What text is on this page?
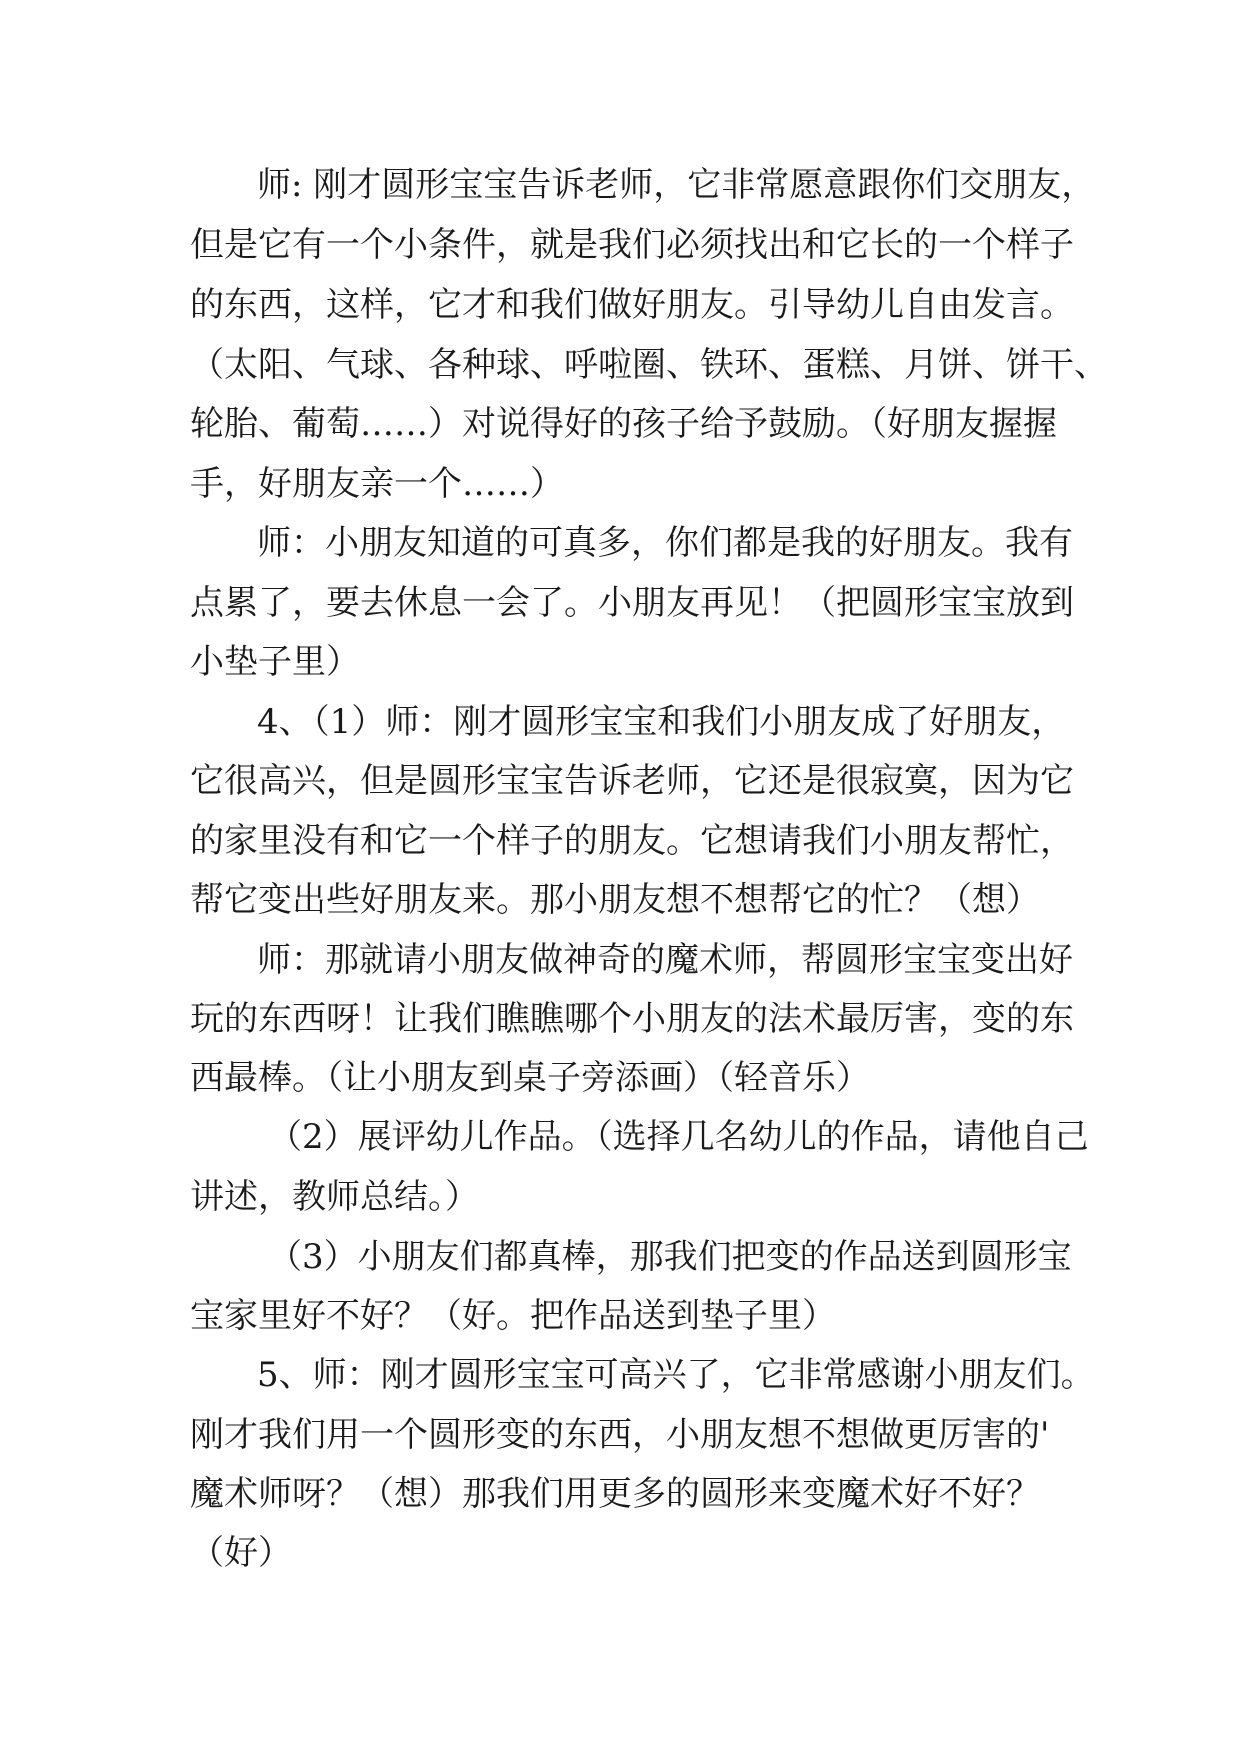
师: 刚才圆形宝宝告诉老师，它非常愿意跟你们交朋友，

但是它有一个小条件，就是我们必须找出和它长的一个样子

的东西，这样，它才和我们做好朋友。引导幼儿自由发言。

（太阳、气球、各种球、呼啦圈、铁环、蛋糕、月饼、饼干、

轮胎、葡萄……）对说得好的孩子给予鼓励。（好朋友握握

手，好朋友亲一个……）

师：小朋友知道的可真多，你们都是我的好朋友。我有

点累了，要去休息一会了。小朋友再见！（把圆形宝宝放到

小垫子里）

4、（1）师：刚才圆形宝宝和我们小朋友成了好朋友，

它很高兴，但是圆形宝宝告诉老师，它还是很寂寞，因为它

的家里没有和它一个样子的朋友。它想请我们小朋友帮忙，

帮它变出些好朋友来。那小朋友想不想帮它的忙？（想）

师：那就请小朋友做神奇的魔术师，帮圆形宝宝变出好

玩的东西呀！让我们瞧瞧哪个小朋友的法术最厉害，变的东

西最棒。（让小朋友到桌子旁添画）（轻音乐）

（2）展评幼儿作品。（选择几名幼儿的作品，请他自己

讲述，教师总结。）

（3）小朋友们都真棒，那我们把变的作品送到圆形宝

宝家里好不好？（好。把作品送到垫子里）

5、师：刚才圆形宝宝可高兴了，它非常感谢小朋友们。

刚才我们用一个圆形变的东西，小朋友想不想做更厉害的'

魔术师呀？（想）那我们用更多的圆形来变魔术好不好？

（好）
